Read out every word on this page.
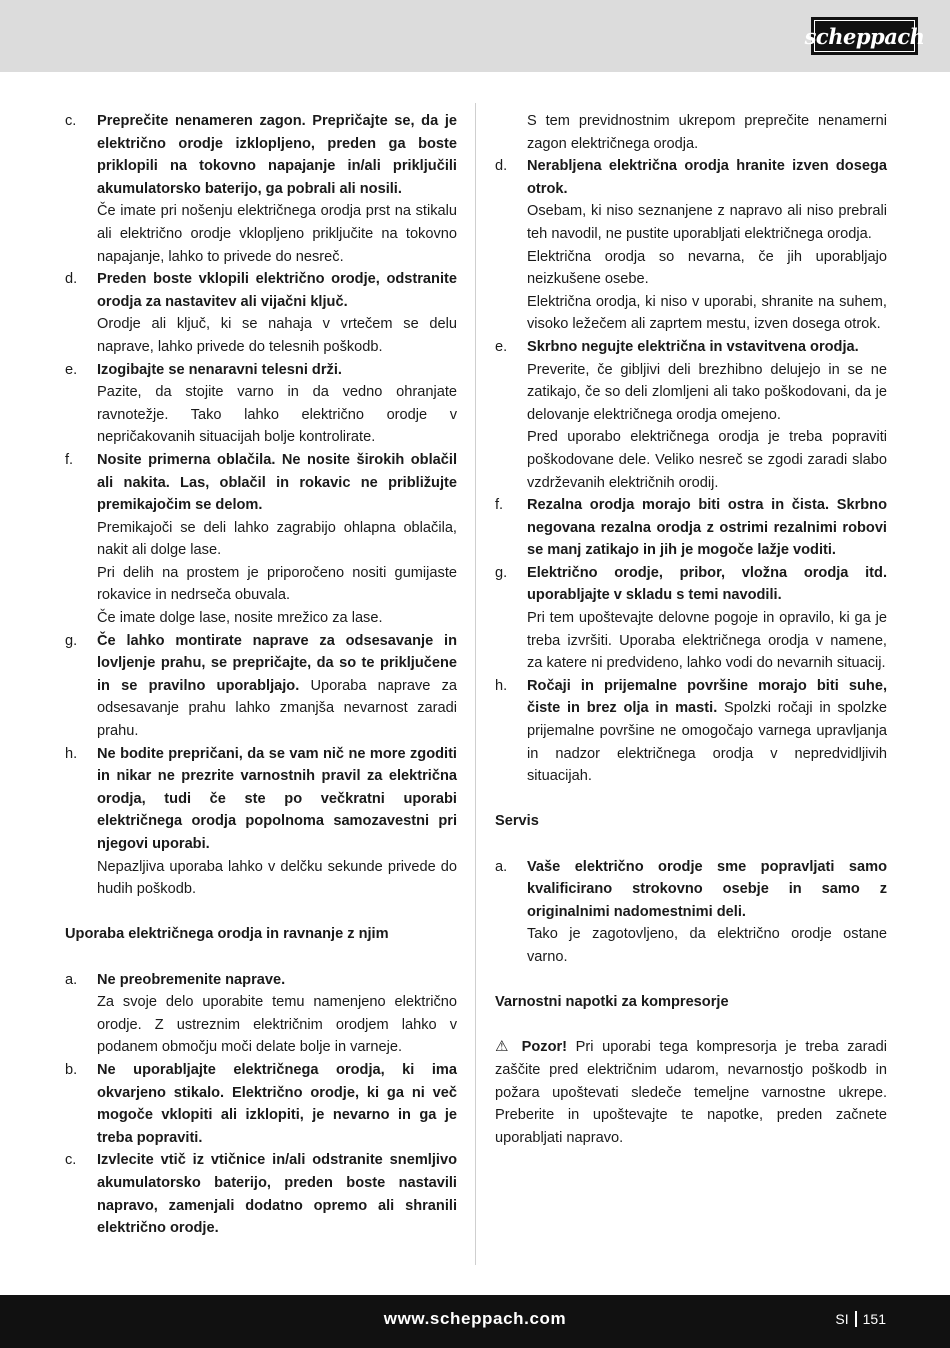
scheppach
c.	Preprečite nenameren zagon. Prepričajte se, da je električno orodje izklopljeno, preden ga boste priklopili na tokovno napajanje in/ali priključili akumulatorsko baterijo, ga pobrali ali nosili.
Če imate pri nošenju električnega orodja prst na stikalu ali električno orodje vklopljeno priključite na tokovno napajanje, lahko to privede do nesreč.
d.	Preden boste vklopili električno orodje, odstranite orodja za nastavitev ali vijačni ključ.
Orodje ali ključ, ki se nahaja v vrtečem se delu naprave, lahko privede do telesnih poškodb.
e.	Izogibajte se nenaravni telesni drži.
Pazite, da stojite varno in da vedno ohranjate ravnotežje. Tako lahko električno orodje v nepričakovanih situacijah bolje kontrolirate.
f.	Nosite primerna oblačila. Ne nosite širokih oblačil ali nakita. Las, oblačil in rokavic ne približujte premikajočim se delom.
Premikajoči se deli lahko zagrabijo ohlapna oblačila, nakit ali dolge lase.
Pri delih na prostem je priporočeno nositi gumijaste rokavice in nedrseča obuvala.
Če imate dolge lase, nosite mrežico za lase.
g.	Če lahko montirate naprave za odsesavanje in lovljenje prahu, se prepričajte, da so te priključene in se pravilno uporabljajo. Uporaba naprave za odsesavanje prahu lahko zmanjša nevarnost zaradi prahu.
h.	Ne bodite prepričani, da se vam nič ne more zgoditi in nikar ne prezrite varnostnih pravil za električna orodja, tudi če ste po večkratni uporabi električnega orodja popolnoma samozavestni pri njegovi uporabi.
Nepazljiva uporaba lahko v delčku sekunde privede do hudih poškodb.
Uporaba električnega orodja in ravnanje z njim
a.	Ne preobremenite naprave.
Za svoje delo uporabite temu namenjeno električno orodje. Z ustreznim električnim orodjem lahko v podanem območju moči delate bolje in varneje.
b.	Ne uporabljajte električnega orodja, ki ima okvarjeno stikalo. Električno orodje, ki ga ni več mogoče vklopiti ali izklopiti, je nevarno in ga je treba popraviti.
c.	Izvlecite vtič iz vtičnice in/ali odstranite snemljivo akumulatorsko baterijo, preden boste nastavili napravo, zamenjali dodatno opremo ali shranili električno orodje.
S tem previdnostnim ukrepom preprečite nenamerni zagon električnega orodja.
d.	Nerabljena električna orodja hranite izven dosega otrok.
Osebam, ki niso seznanjene z napravo ali niso prebrali teh navodil, ne pustite uporabljati električnega orodja.
Električna orodja so nevarna, če jih uporabljajo neizkušene osebe.
Električna orodja, ki niso v uporabi, shranite na suhem, visoko ležečem ali zaprtem mestu, izven dosega otrok.
e.	Skrbno negujte električna in vstavitvena orodja.
Preverite, če gibljivi deli brezhibno delujejo in se ne zatikajo, če so deli zlomljeni ali tako poškodovani, da je delovanje električnega orodja omejeno.
Pred uporabo električnega orodja je treba popraviti poškodovane dele. Veliko nesreč se zgodi zaradi slabo vzdrževanih električnih orodij.
f.	Rezalna orodja morajo biti ostra in čista. Skrbno negovana rezalna orodja z ostrimi rezalnimi robovi se manj zatikajo in jih je mogoče lažje voditi.
g.	Električno orodje, pribor, vložna orodja itd. uporabljajte v skladu s temi navodili.
Pri tem upoštevajte delovne pogoje in opravilo, ki ga je treba izvršiti. Uporaba električnega orodja v namene, za katere ni predvideno, lahko vodi do nevarnih situacij.
h.	Ročaji in prijemalne površine morajo biti suhe, čiste in brez olja in masti. Spolzki ročaji in spolzke prijemalne površine ne omogočajo varnega upravljanja in nadzor električnega orodja v nepredvidljivih situacijah.
Servis
a.	Vaše električno orodje sme popravljati samo kvalificirano strokovno osebje in samo z originalnimi nadomestnimi deli.
Tako je zagotovljeno, da električno orodje ostane varno.
Varnostni napotki za kompresorje
⚠ Pozor! Pri uporabi tega kompresorja je treba zaradi zaščite pred električnim udarom, nevarnostjo poškodb in požara upoštevati sledeče temeljne varnostne ukrepe. Preberite in upoštevajte te napotke, preden začnete uporabljati napravo.
www.scheppach.com	SI 151
